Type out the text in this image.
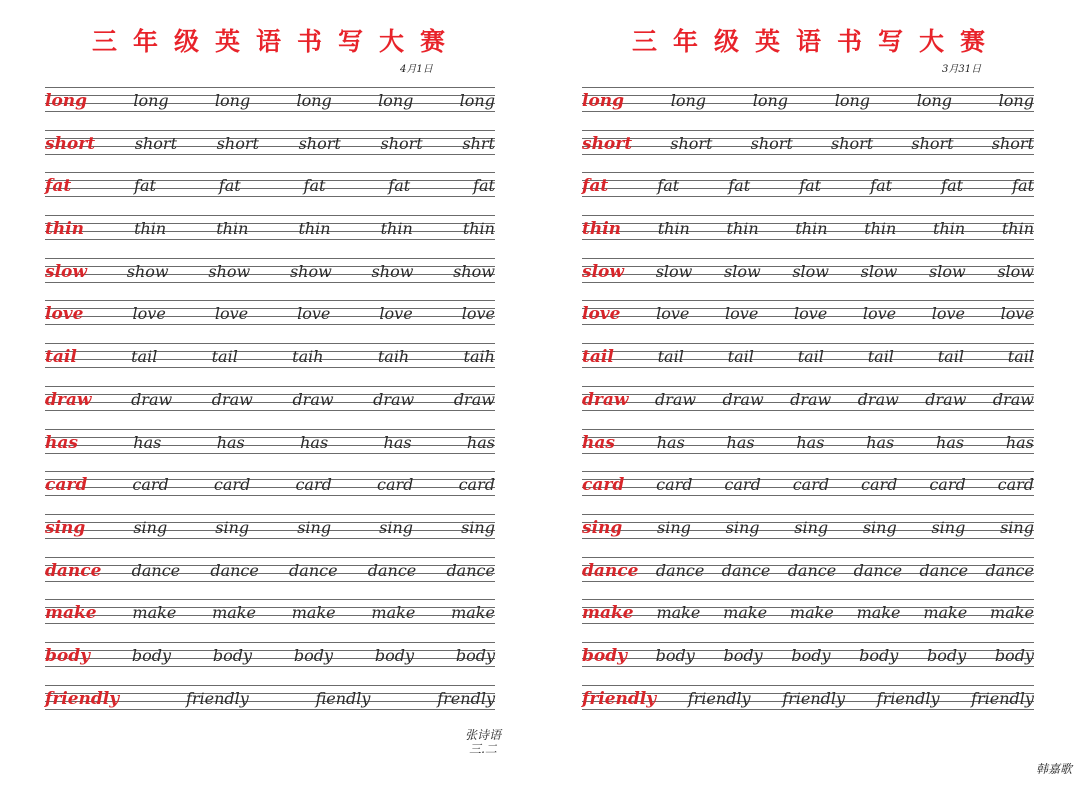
三年级英语书写大赛
4月1日
long	long	long	long	long	long
short short short short short shrt
fat	fat	fat	fat	fat	fat
thin	thin	thin	thin	thin	thin
slow show show show show show
love	love	love	love	love	love
tail	tail	tail	taih	taih	taih
draw draw draw draw draw draw
has	has	has	has	has	has
card	card	card	card	card	card
sing	sing	sing	sing	sing	sing
dance dance dance dance dance dance
make make make make make make
body	body	body	body	body	body
friendly	friendly	fiendly	frendly
张诗语
三.二
三年级英语书写大赛
3月31日
long	long	long	long	long	long
short short short short short short
fat	fat	fat	fat	fat	fat	fat
thin thin thin thin thin thin thin
slow slow slow slow slow slow slow
love love love love love love love
tail	tail	tail	tail	tail	tail	tail
draw draw draw draw draw draw draw
has	has	has	has	has	has	has
card card card card card card card
sing sing sing sing sing sing sing
dance dance dance dance dance dance dance
make make make make make make make
body body body body body body body
friendly friendly friendly friendly friendly
韩嘉歌
